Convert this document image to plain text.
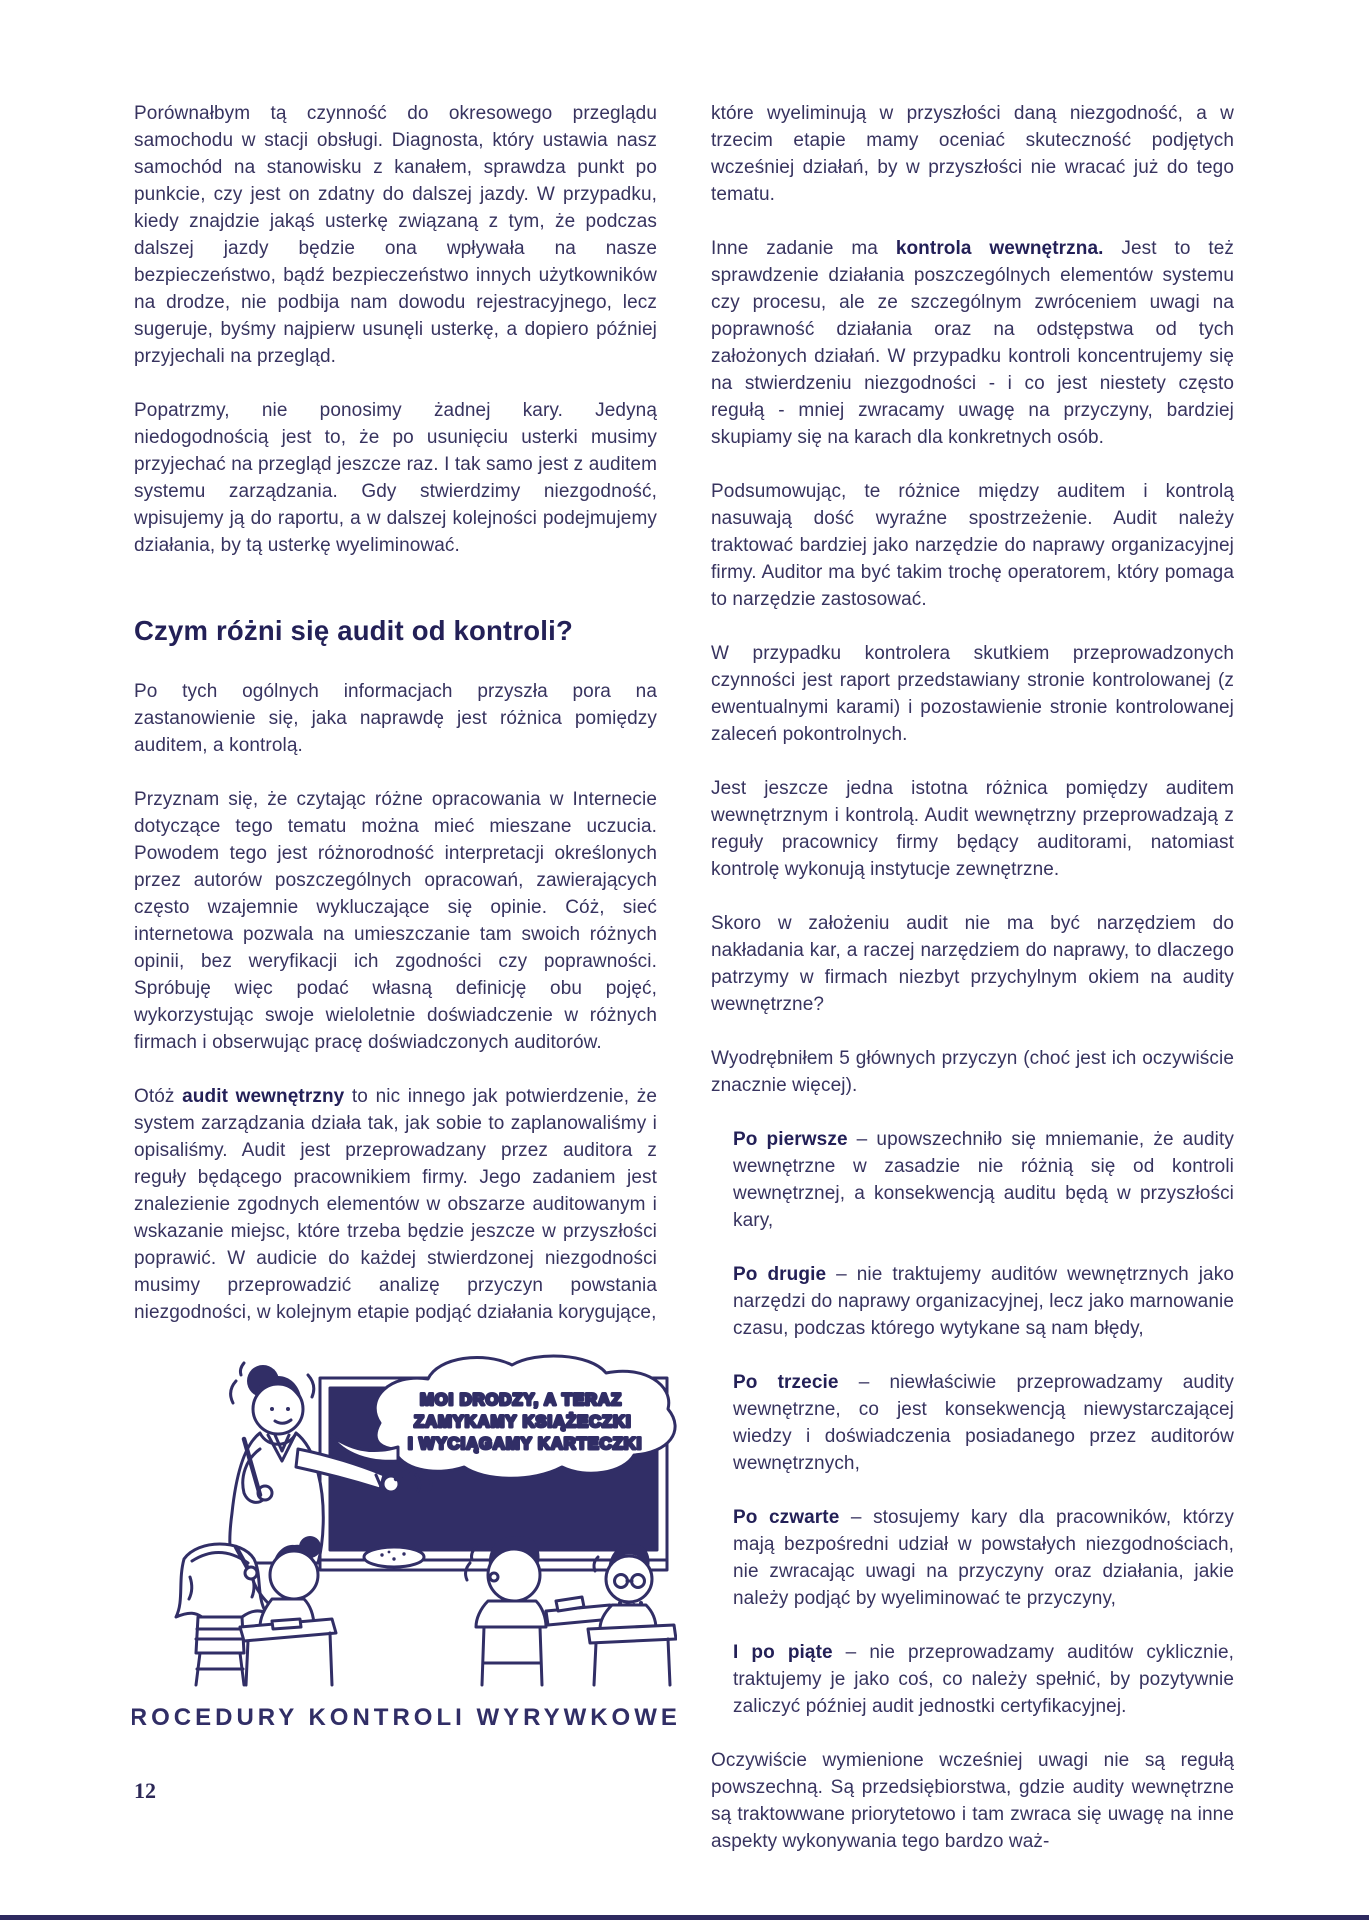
Porównałbym tą czynność do okresowego przeglądu samochodu w stacji obsługi. Diagnosta, który ustawia nasz samochód na stanowisku z kanałem, sprawdza punkt po punkcie, czy jest on zdatny do dalszej jazdy. W przypadku, kiedy znajdzie jakąś usterkę związaną z tym, że podczas dalszej jazdy będzie ona wpływała na nasze bezpieczeństwo, bądź bezpieczeństwo innych użytkowników na drodze, nie podbija nam dowodu rejestracyjnego, lecz sugeruje, byśmy najpierw usunęli usterkę, a dopiero później przyjechali na przegląd.

Popatrzmy, nie ponosimy żadnej kary. Jedyną niedogodnością jest to, że po usunięciu usterki musimy przyjechać na przegląd jeszcze raz. I tak samo jest z auditem systemu zarządzania. Gdy stwierdzimy niezgodność, wpisujemy ją do raportu, a w dalszej kolejności podejmujemy działania, by tą usterkę wyeliminować.

Czym różni się audit od kontroli?

Po tych ogólnych informacjach przyszła pora na zastanowienie się, jaka naprawdę jest różnica pomiędzy auditem, a kontrolą.

Przyznam się, że czytając różne opracowania w Internecie dotyczące tego tematu można mieć mieszane uczucia. Powodem tego jest różnorodność interpretacji określonych przez autorów poszczególnych opracowań, zawierających często wzajemnie wykluczające się opinie. Cóż, sieć internetowa pozwala na umieszczanie tam swoich różnych opinii, bez weryfikacji ich zgodności czy poprawności. Spróbuję więc podać własną definicję obu pojęć, wykorzystując swoje wieloletnie doświadczenie w różnych firmach i obserwując pracę doświadczonych auditorów.

Otóż audit wewnętrzny to nic innego jak potwierdzenie, że system zarządzania działa tak, jak sobie to zaplanowaliśmy i opisaliśmy. Audit jest przeprowadzany przez auditora z reguły będącego pracownikiem firmy. Jego zadaniem jest znalezienie zgodnych elementów w obszarze auditowanym i wskazanie miejsc, które trzeba będzie jeszcze w przyszłości poprawić. W audicie do każdej stwierdzonej niezgodności musimy przeprowadzić analizę przyczyn powstania niezgodności, w kolejnym etapie podjąć działania korygujące,

MOI DRODZY, A TERAZ
ZAMYKAMY KSIĄŻECZKI
I WYCIĄGAMY KARTECZKI
PROCEDURY KONTROLI WYRYWKOWEJ

które wyeliminują w przyszłości daną niezgodność, a w trzecim etapie mamy oceniać skuteczność podjętych wcześniej działań, by w przyszłości nie wracać już do tego tematu.

Inne zadanie ma kontrola wewnętrzna. Jest to też sprawdzenie działania poszczególnych elementów systemu czy procesu, ale ze szczególnym zwróceniem uwagi na poprawność działania oraz na odstępstwa od tych założonych działań. W przypadku kontroli koncentrujemy się na stwierdzeniu niezgodności - i co jest niestety często regułą - mniej zwracamy uwagę na przyczyny, bardziej skupiamy się na karach dla konkretnych osób.

Podsumowując, te różnice między auditem i kontrolą nasuwają dość wyraźne spostrzeżenie. Audit należy traktować bardziej jako narzędzie do naprawy organizacyjnej firmy. Auditor ma być takim trochę operatorem, który pomaga to narzędzie zastosować.

W przypadku kontrolera skutkiem przeprowadzonych czynności jest raport przedstawiany stronie kontrolowanej (z ewentualnymi karami) i pozostawienie stronie kontrolowanej zaleceń pokontrolnych.

Jest jeszcze jedna istotna różnica pomiędzy auditem wewnętrznym i kontrolą. Audit wewnętrzny przeprowadzają z reguły pracownicy firmy będący auditorami, natomiast kontrolę wykonują instytucje zewnętrzne.

Skoro w założeniu audit nie ma być narzędziem do nakładania kar, a raczej narzędziem do naprawy, to dlaczego patrzymy w firmach niezbyt przychylnym okiem na audity wewnętrzne?

Wyodrębniłem 5 głównych przyczyn (choć jest ich oczywiście znacznie więcej).

Po pierwsze – upowszechniło się mniemanie, że audity wewnętrzne w zasadzie nie różnią się od kontroli wewnętrznej, a konsekwencją auditu będą w przyszłości kary,
Po drugie – nie traktujemy auditów wewnętrznych jako narzędzi do naprawy organizacyjnej, lecz jako marnowanie czasu, podczas którego wytykane są nam błędy,
Po trzecie – niewłaściwie przeprowadzamy audity wewnętrzne, co jest konsekwencją niewystarczającej wiedzy i doświadczenia posiadanego przez auditorów wewnętrznych,
Po czwarte – stosujemy kary dla pracowników, którzy mają bezpośredni udział w powstałych niezgodnościach, nie zwracając uwagi na przyczyny oraz działania, jakie należy podjąć by wyeliminować te przyczyny,
I po piąte – nie przeprowadzamy auditów cyklicznie, traktujemy je jako coś, co należy spełnić, by pozytywnie zaliczyć później audit jednostki certyfikacyjnej.

Oczywiście wymienione wcześniej uwagi nie są regułą powszechną. Są przedsiębiorstwa, gdzie audity wewnętrzne są traktowwane priorytetowo i tam zwraca się uwagę na inne aspekty wykonywania tego bardzo waż-

12
